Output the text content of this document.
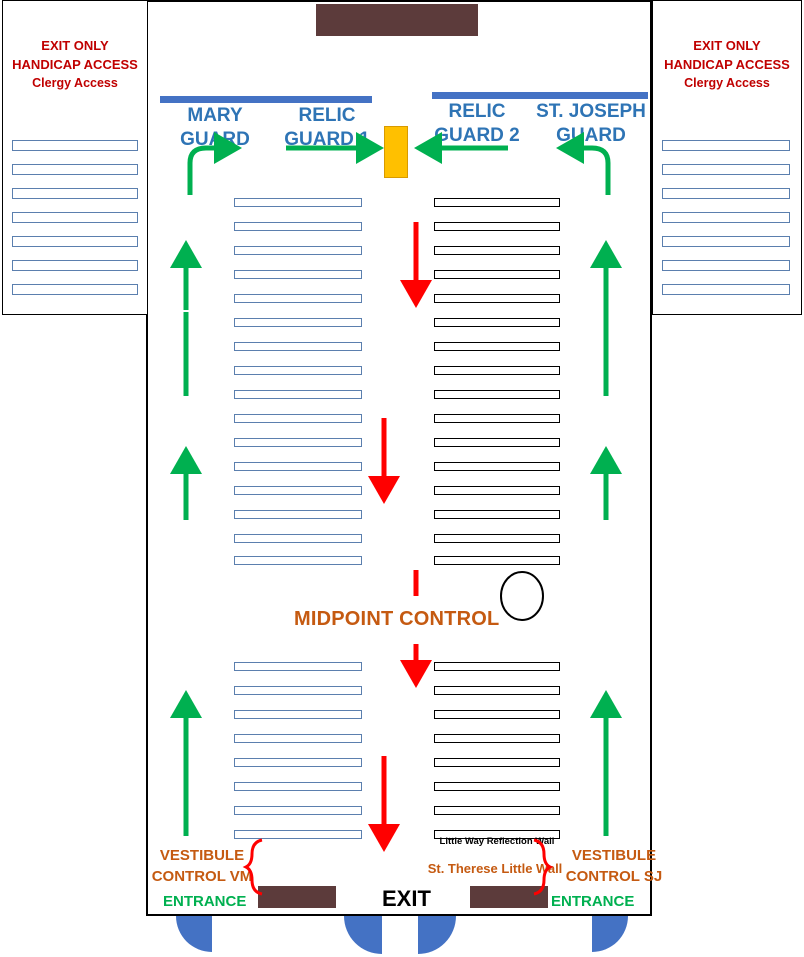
EXIT ONLY
HANDICAP ACCESS
Clergy Access
EXIT ONLY
HANDICAP ACCESS
Clergy Access
MARY
GUARD
RELIC
GUARD 1
RELIC
GUARD 2
ST. JOSEPH
GUARD
MIDPOINT CONTROL
VESTIBULE
CONTROL VM
VESTIBULE
CONTROL SJ
Little Way Reflection Wall
St. Therese Little Wall
ENTRANCE	ENTRANCE
EXIT
